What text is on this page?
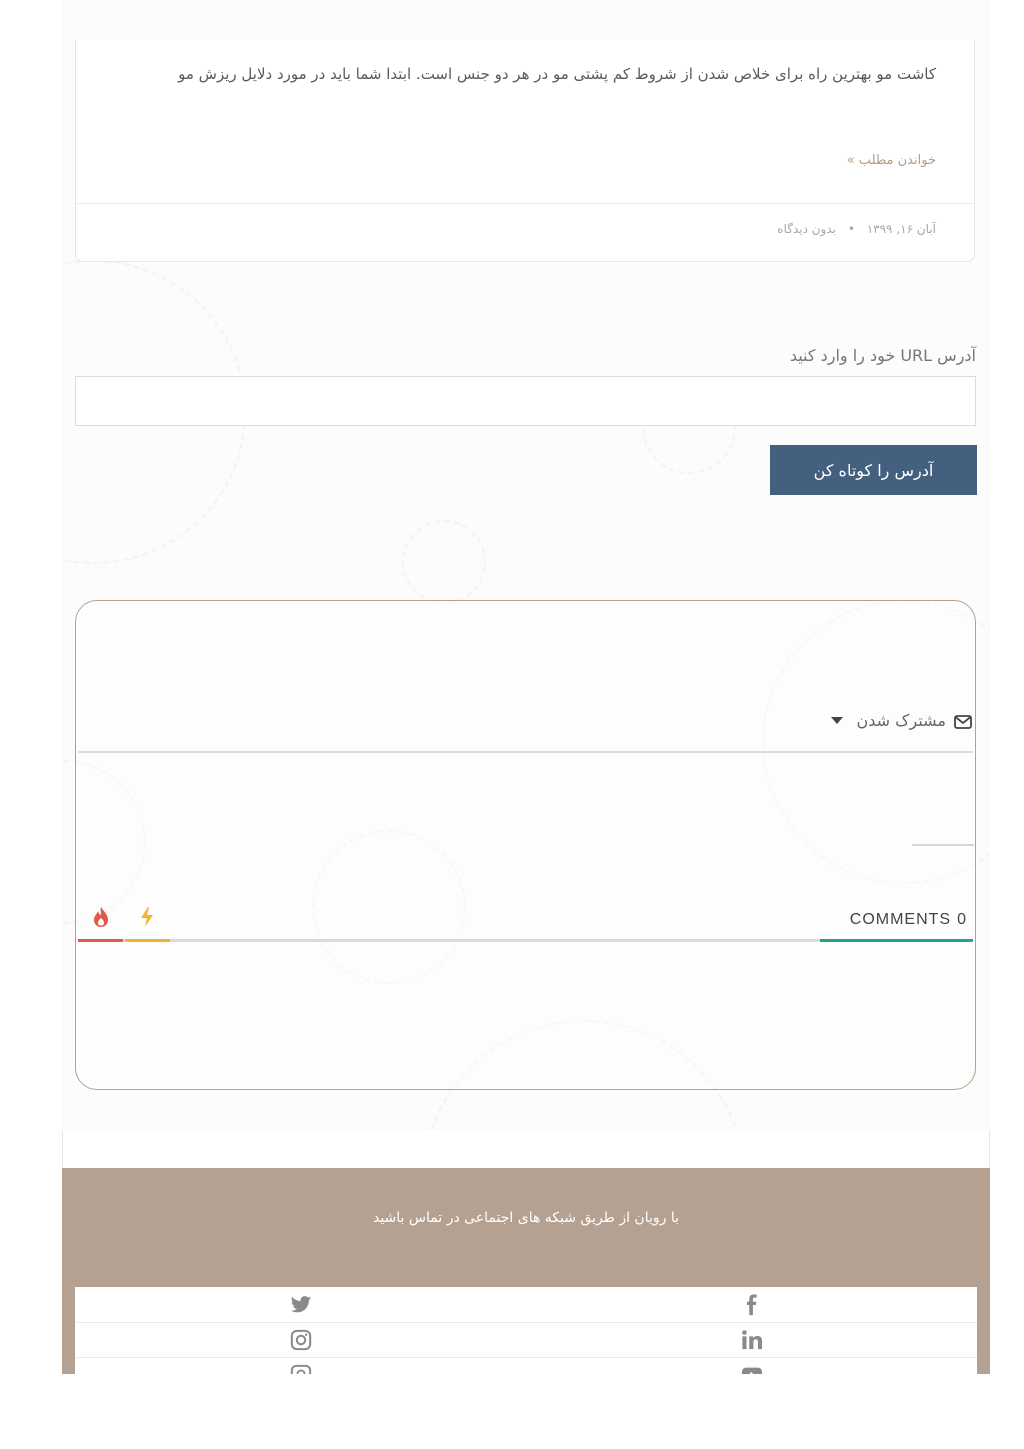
کاشت مو بهترین راه برای خلاص شدن از شروط کم پشتی مو در هر دو جنس است. ابتدا شما باید در مورد دلایل ریزش مو
خواندن مطلب »
آبان ۱۶, ۱۳۹۹ • بدون دیدگاه
آدرس URL خود را وارد کنید
آدرس را کوتاه کن
مشترک شدن
COMMENTS 0
با رویان از طریق شبکه های اجتماعی در تماس باشید
